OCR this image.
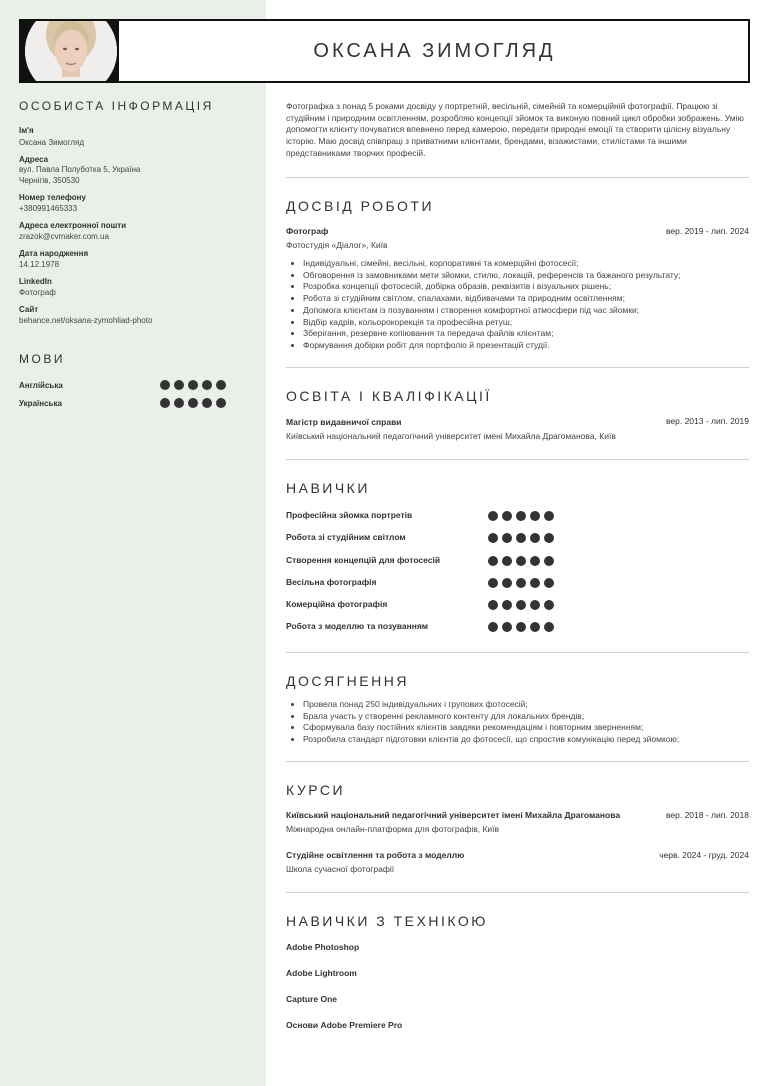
ОКСАНА ЗИМОГЛЯД
ОСОБИСТА ІНФОРМАЦІЯ
Ім'я
Оксана Зимогляд
Адреса
вул. Павла Полуботка 5, Україна Чернігів, 350530
Номер телефону
+380991465333
Адреса електронної пошти
zrazok@cvmaker.com.ua
Дата народження
14.12.1978
LinkedIn
Фотограф
Сайт
behance.net/oksana-zymohliad-photo
МОВИ
Англійська
Українська
Фотографка з понад 5 роками досвіду у портретній, весільній, сімейній та комерційній фотографії. Працюю зі студійним і природним освітленням, розробляю концепції зйомок та виконую повний цикл обробки зображень. Умію допомогти клієнту почуватися впевнено перед камерою, передати природні емоції та створити цілісну візуальну історію. Маю досвід співпраці з приватними клієнтами, брендами, візажистами, стилістами та іншими представниками творчих професій.
ДОСВІД РОБОТИ
Фотограф	вер. 2019 - лип. 2024
Фотостудія «Діалог», Київ
• Індивідуальні, сімейні, весільні, корпоративні та комерційні фотосесії;
• Обговорення із замовниками мети зйомки, стилю, локацій, референсів та бажаного результату;
• Розробка концепції фотосесій, добірка образів, реквізитів і візуальних рішень;
• Робота зі студійним світлом, спалахами, відбивачами та природним освітленням;
• Допомога клієнтам із позуванням і створення комфортної атмосфери під час зйомки;
• Відбір кадрів, кольорокорекція та професійна ретуш;
• Зберігання, резервне копіювання та передача файлів клієнтам;
• Формування добірки робіт для портфоліо й презентацій студії.
ОСВІТА І КВАЛІФІКАЦІЇ
Магістр видавничої справи	вер. 2013 - лип. 2019
Київський національний педагогічний університет імені Михайла Драгоманова, Київ
НАВИЧКИ
Професійна зйомка портретів
Робота зі студійним світлом
Створення концепцій для фотосесій
Весільна фотографія
Комерційна фотографія
Робота з моделлю та позуванням
ДОСЯГНЕННЯ
• Провела понад 250 індивідуальних і групових фотосесій;
• Брала участь у створенні рекламного контенту для локальних брендів;
• Сформувала базу постійних клієнтів завдяки рекомендаціям і повторним зверненням;
• Розробила стандарт підготовки клієнтів до фотосесії, що спростив комунікацію перед зйомкою;
КУРСИ
Київський національний педагогічний університет імені Михайла Драгоманова	вер. 2018 - лип. 2018
Міжнародна онлайн-платформа для фотографів, Київ
Студійне освітлення та робота з моделлю	черв. 2024 - груд. 2024
Школа сучасної фотографії
НАВИЧКИ З ТЕХНІКОЮ
Adobe Photoshop
Adobe Lightroom
Capture One
Основи Adobe Premiere Pro
